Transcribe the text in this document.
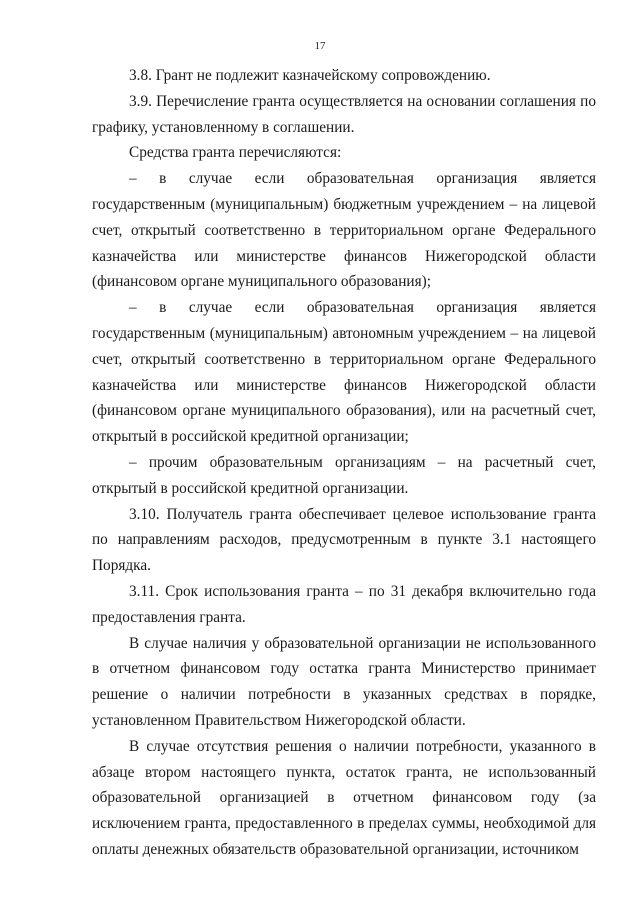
17

3.8. Грант не подлежит казначейскому сопровождению.

3.9. Перечисление гранта осуществляется на основании соглашения по графику, установленному в соглашении.

Средства гранта перечисляются:

– в случае если образовательная организация является государственным (муниципальным) бюджетным учреждением – на лицевой счет, открытый соответственно в территориальном органе Федерального казначейства или министерстве финансов Нижегородской области (финансовом органе муниципального образования);

– в случае если образовательная организация является государственным (муниципальным) автономным учреждением – на лицевой счет, открытый соответственно в территориальном органе Федерального казначейства или министерстве финансов Нижегородской области (финансовом органе муниципального образования), или на расчетный счет, открытый в российской кредитной организации;

– прочим образовательным организациям – на расчетный счет, открытый в российской кредитной организации.

3.10. Получатель гранта обеспечивает целевое использование гранта по направлениям расходов, предусмотренным в пункте 3.1 настоящего Порядка.

3.11. Срок использования гранта – по 31 декабря включительно года предоставления гранта.

В случае наличия у образовательной организации не использованного в отчетном финансовом году остатка гранта Министерство принимает решение о наличии потребности в указанных средствах в порядке, установленном Правительством Нижегородской области.

В случае отсутствия решения о наличии потребности, указанного в абзаце втором настоящего пункта, остаток гранта, не использованный образовательной организацией в отчетном финансовом году (за исключением гранта, предоставленного в пределах суммы, необходимой для оплаты денежных обязательств образовательной организации, источником
